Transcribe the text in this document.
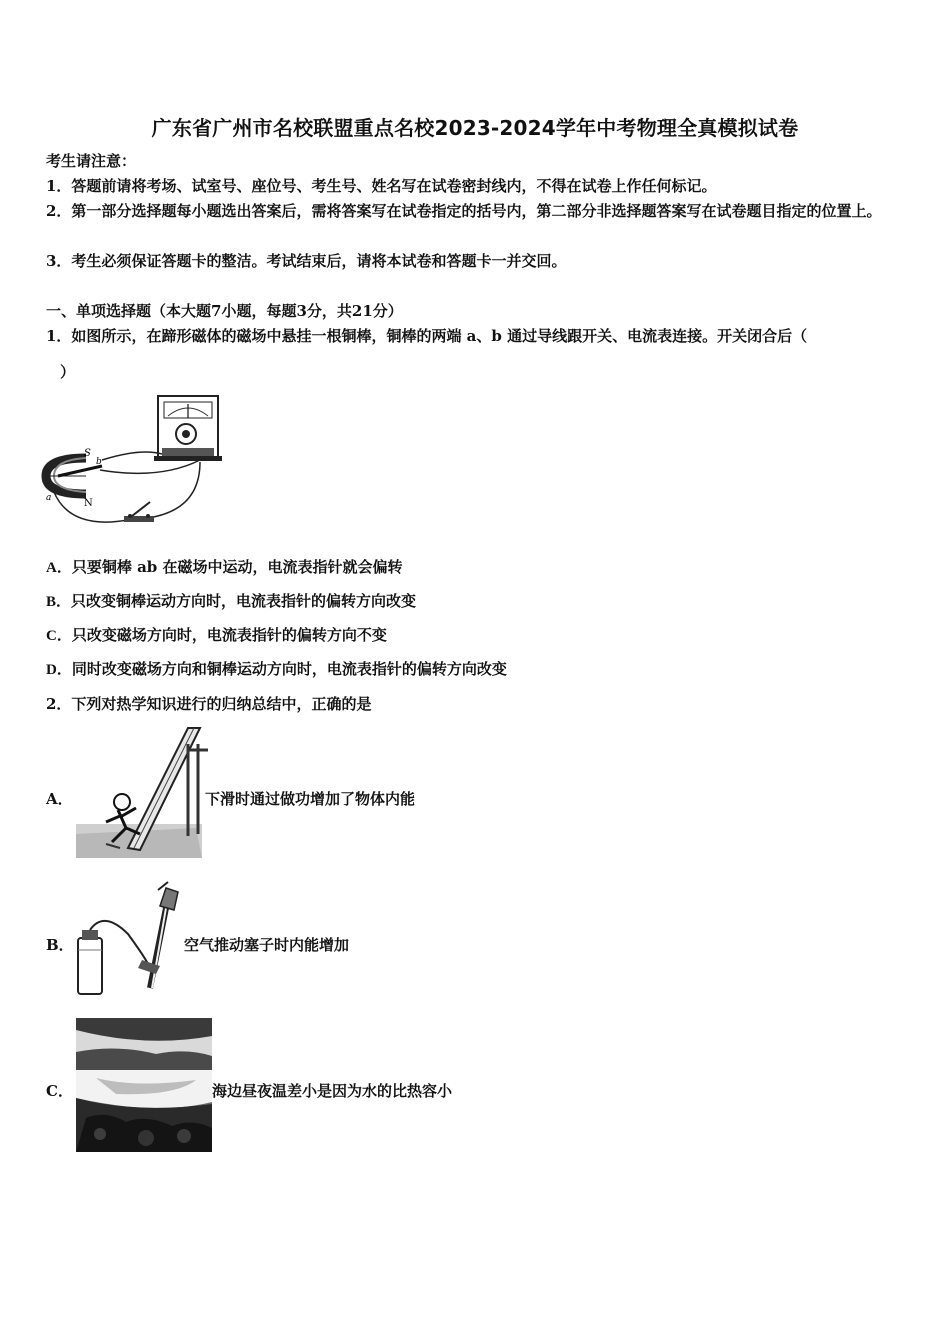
广东省广州市名校联盟重点名校2023-2024学年中考物理全真模拟试卷
考生请注意：
1．答题前请将考场、试室号、座位号、考生号、姓名写在试卷密封线内，不得在试卷上作任何标记。
2．第一部分选择题每小题选出答案后，需将答案写在试卷指定的括号内，第二部分非选择题答案写在试卷题目指定的位置上。
3．考生必须保证答题卡的整洁。考试结束后，请将本试卷和答题卡一并交回。
一、单项选择题（本大题7小题，每题3分，共21分）
1．如图所示，在蹄形磁体的磁场中悬挂一根铜棒，铜棒的两端 a、b 通过导线跟开关、电流表连接。开关闭合后（
）
S
N
a
b
A．只要铜棒 ab 在磁场中运动，电流表指针就会偏转
B．只改变铜棒运动方向时，电流表指针的偏转方向改变
C．只改变磁场方向时，电流表指针的偏转方向不变
D．同时改变磁场方向和铜棒运动方向时，电流表指针的偏转方向改变
2．下列对热学知识进行的归纳总结中，正确的是
A．	下滑时通过做功增加了物体内能
B．	空气推动塞子时内能增加
C．	海边昼夜温差小是因为水的比热容小
